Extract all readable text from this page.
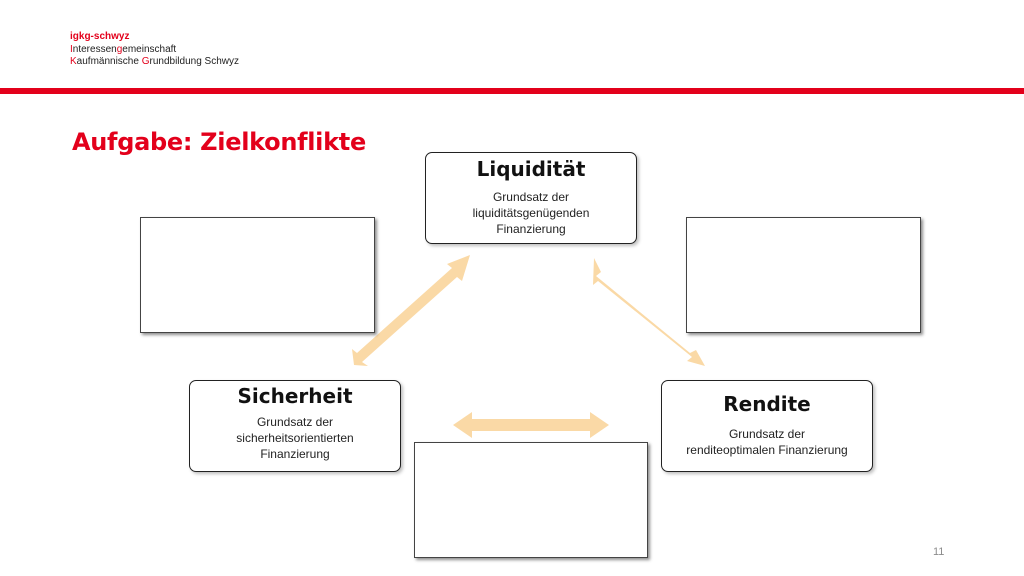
igkg-schwyz
Interessengemeinschaft
Kaufmännische Grundbildung Schwyz
Aufgabe: Zielkonflikte
Liquidität
Grundsatz der
liquiditätsgenügenden
Finanzierung
Sicherheit
Grundsatz der
sicherheitsorientierten
Finanzierung
Rendite
Grundsatz der
renditeoptimalen Finanzierung
11
